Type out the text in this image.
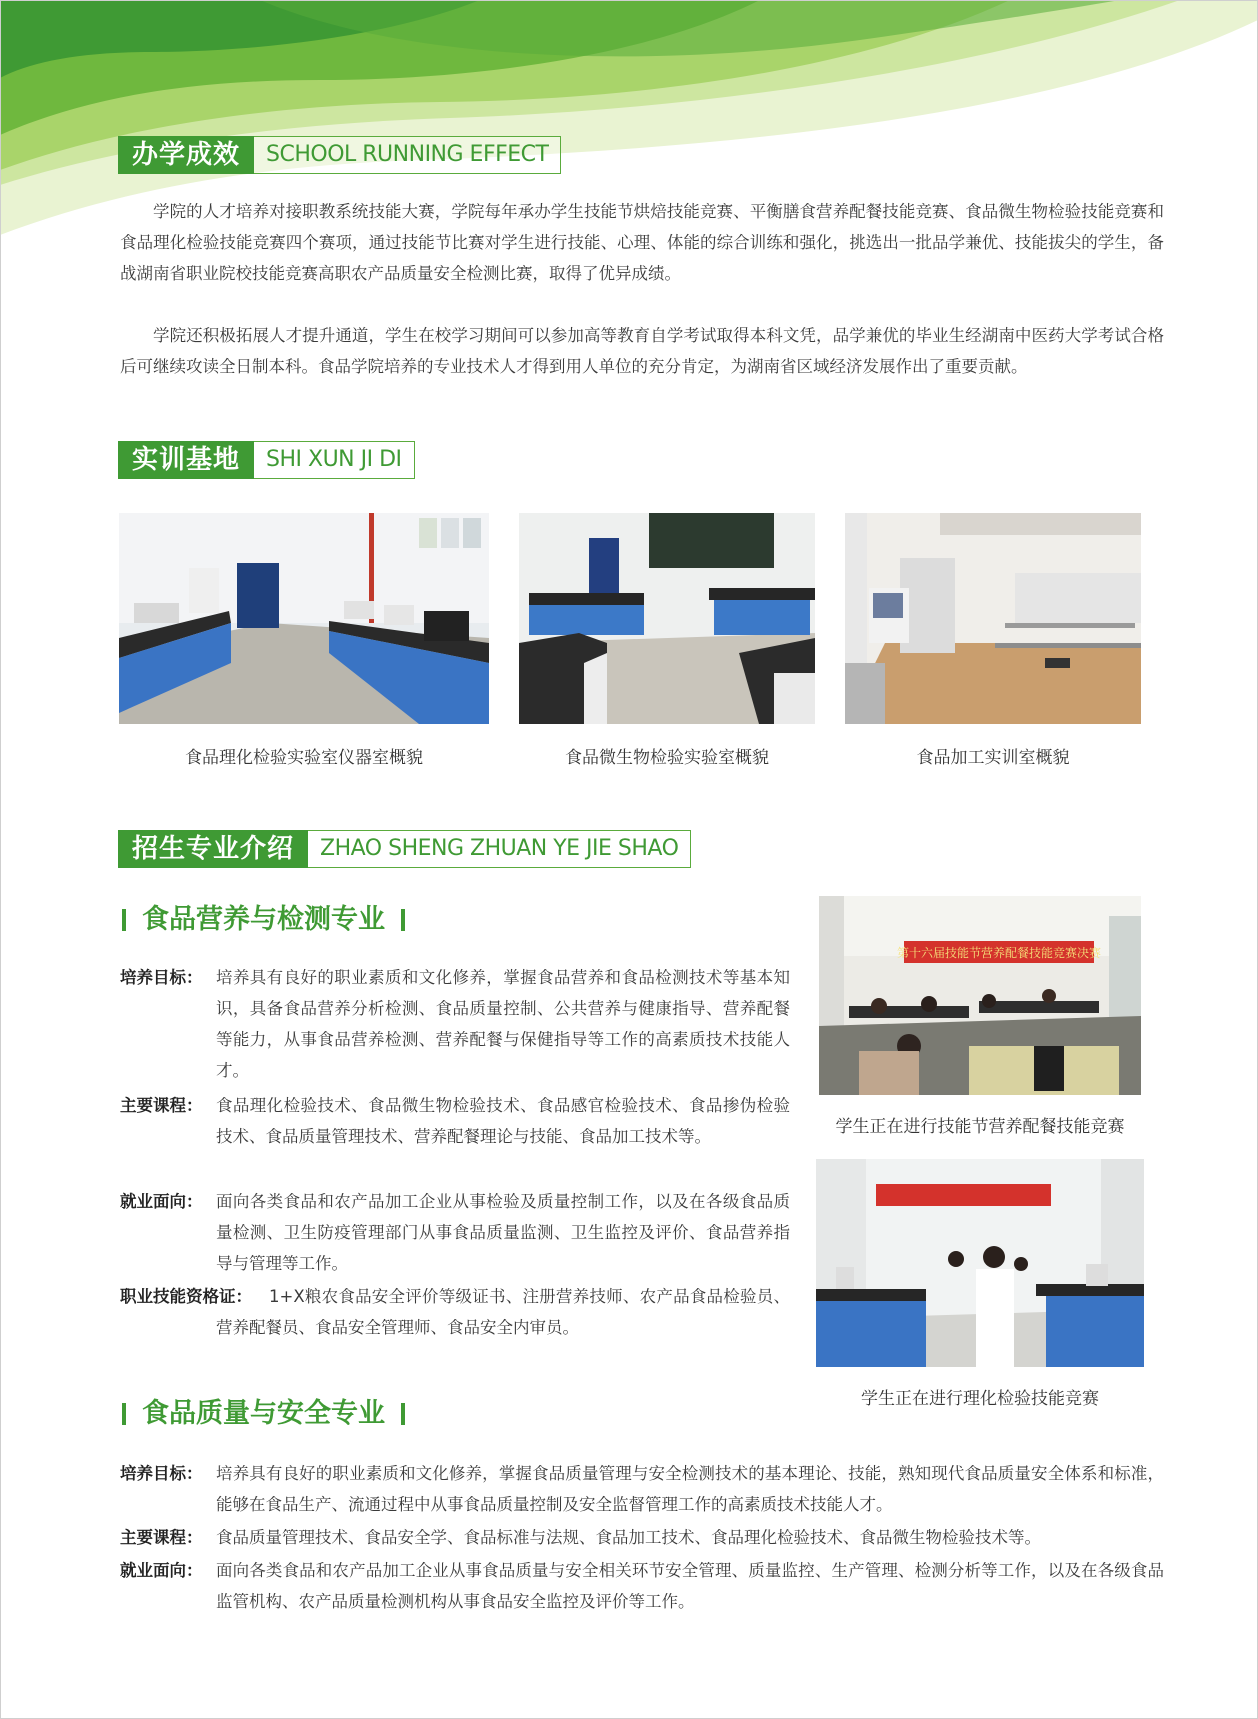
办学成效	SCHOOL RUNNING EFFECT
学院的人才培养对接职教系统技能大赛，学院每年承办学生技能节烘焙技能竞赛、平衡膳食营养配餐技能竞赛、食品微生物检验技能竞赛和食品理化检验技能竞赛四个赛项，通过技能节比赛对学生进行技能、心理、体能的综合训练和强化，挑选出一批品学兼优、技能拔尖的学生，备战湖南省职业院校技能竞赛高职农产品质量安全检测比赛，取得了优异成绩。
学院还积极拓展人才提升通道，学生在校学习期间可以参加高等教育自学考试取得本科文凭，品学兼优的毕业生经湖南中医药大学考试合格后可继续攻读全日制本科。食品学院培养的专业技术人才得到用人单位的充分肯定，为湖南省区域经济发展作出了重要贡献。
实训基地	SHI XUN JI DI
食品理化检验实验室仪器室概貌	食品微生物检验实验室概貌	食品加工实训室概貌
招生专业介绍	ZHAO SHENG ZHUAN YE JIE SHAO
食品营养与检测专业
培养目标： 培养具有良好的职业素质和文化修养，掌握食品营养和食品检测技术等基本知识，具备食品营养分析检测、食品质量控制、公共营养与健康指导、营养配餐等能力，从事食品营养检测、营养配餐与保健指导等工作的高素质技术技能人才。
主要课程： 食品理化检验技术、食品微生物检验技术、食品感官检验技术、食品掺伪检验技术、食品质量管理技术、营养配餐理论与技能、食品加工技术等。
就业面向： 面向各类食品和农产品加工企业从事检验及质量控制工作，以及在各级食品质量检测、卫生防疫管理部门从事食品质量监测、卫生监控及评价、食品营养指导与管理等工作。
职业技能资格证：	1+X粮农食品安全评价等级证书、注册营养技师、农产品食品检验员、营养配餐员、食品安全管理师、食品安全内审员。
第十六届技能节营养配餐技能竞赛决赛
学生正在进行技能节营养配餐技能竞赛
学生正在进行理化检验技能竞赛
食品质量与安全专业
培养目标： 培养具有良好的职业素质和文化修养，掌握食品质量管理与安全检测技术的基本理论、技能，熟知现代食品质量安全体系和标准，能够在食品生产、流通过程中从事食品质量控制及安全监督管理工作的高素质技术技能人才。
主要课程： 食品质量管理技术、食品安全学、食品标准与法规、食品加工技术、食品理化检验技术、食品微生物检验技术等。
就业面向： 面向各类食品和农产品加工企业从事食品质量与安全相关环节安全管理、质量监控、生产管理、检测分析等工作，以及在各级食品监管机构、农产品质量检测机构从事食品安全监控及评价等工作。
